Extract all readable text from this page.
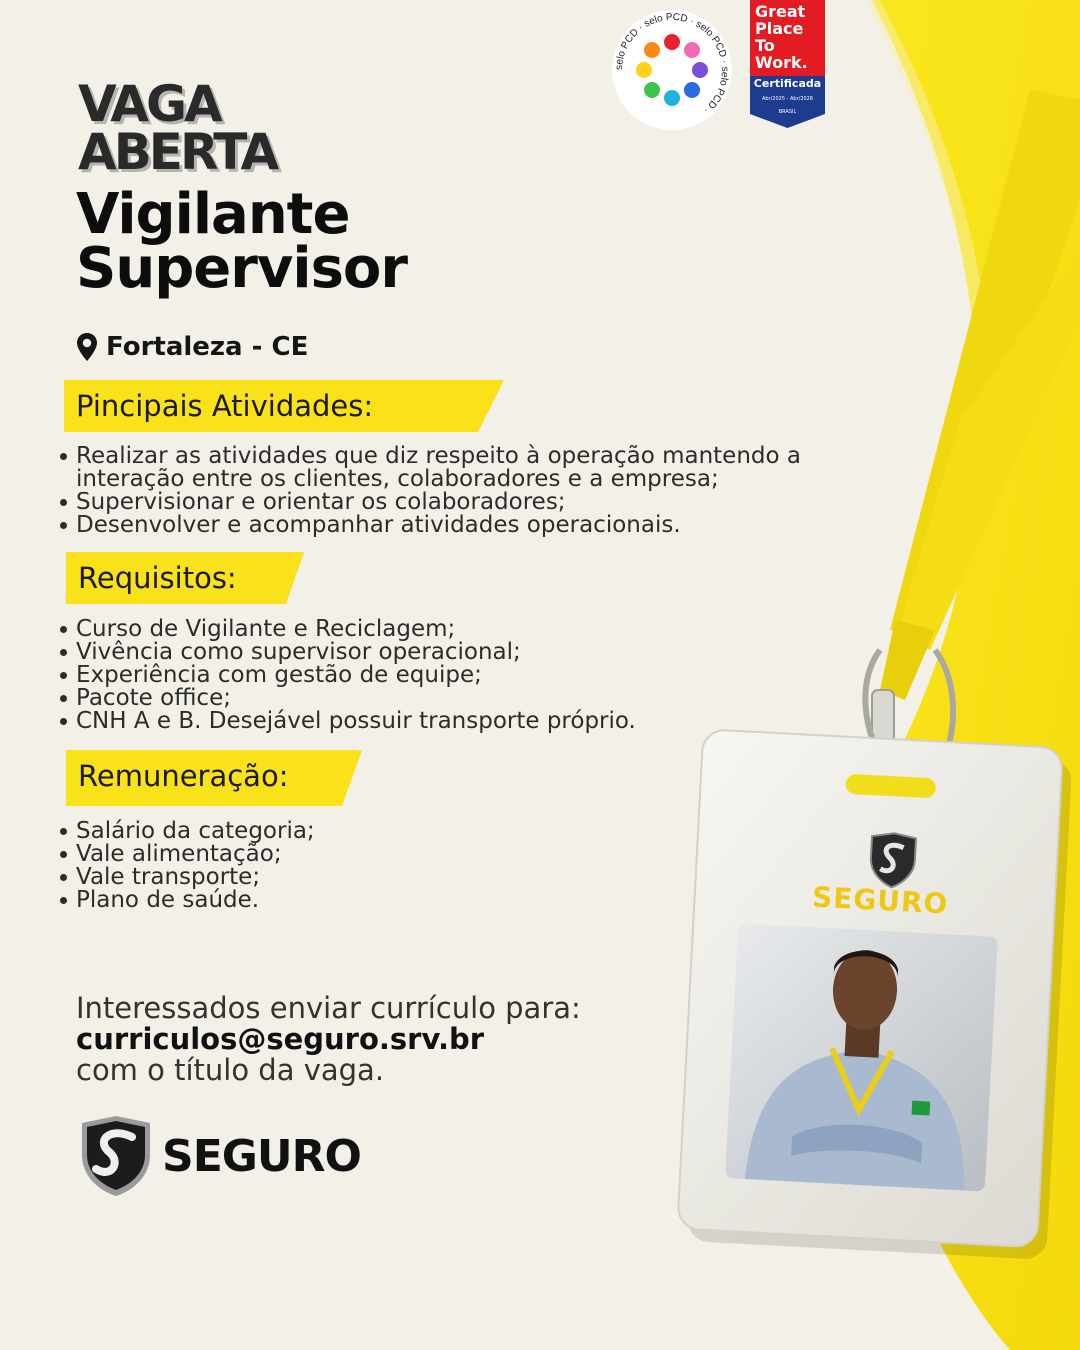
VAGA
ABERTA
Vigilante
Supervisor
Fortaleza - CE
Pincipais Atividades:
Realizar as atividades que diz respeito à operação mantendo a interação entre os clientes, colaboradores e a empresa;
Supervisionar e orientar os colaboradores;
Desenvolver e acompanhar atividades operacionais.
Requisitos:
Curso de Vigilante e Reciclagem;
Vivência como supervisor operacional;
Experiência com gestão de equipe;
Pacote office;
CNH A e B. Desejável possuir transporte próprio.
Remuneração:
Salário da categoria;
Vale alimentação;
Vale transporte;
Plano de saúde.
Interessados enviar currículo para:
curriculos@seguro.srv.br
com o título da vaga.
SEGURO
SEGURO
selo PCD · selo PCD · selo PCD · selo PCD ·
Great
Place
To
Work.
Certificada
Abr/2025 - Abr/2026
BRASIL
